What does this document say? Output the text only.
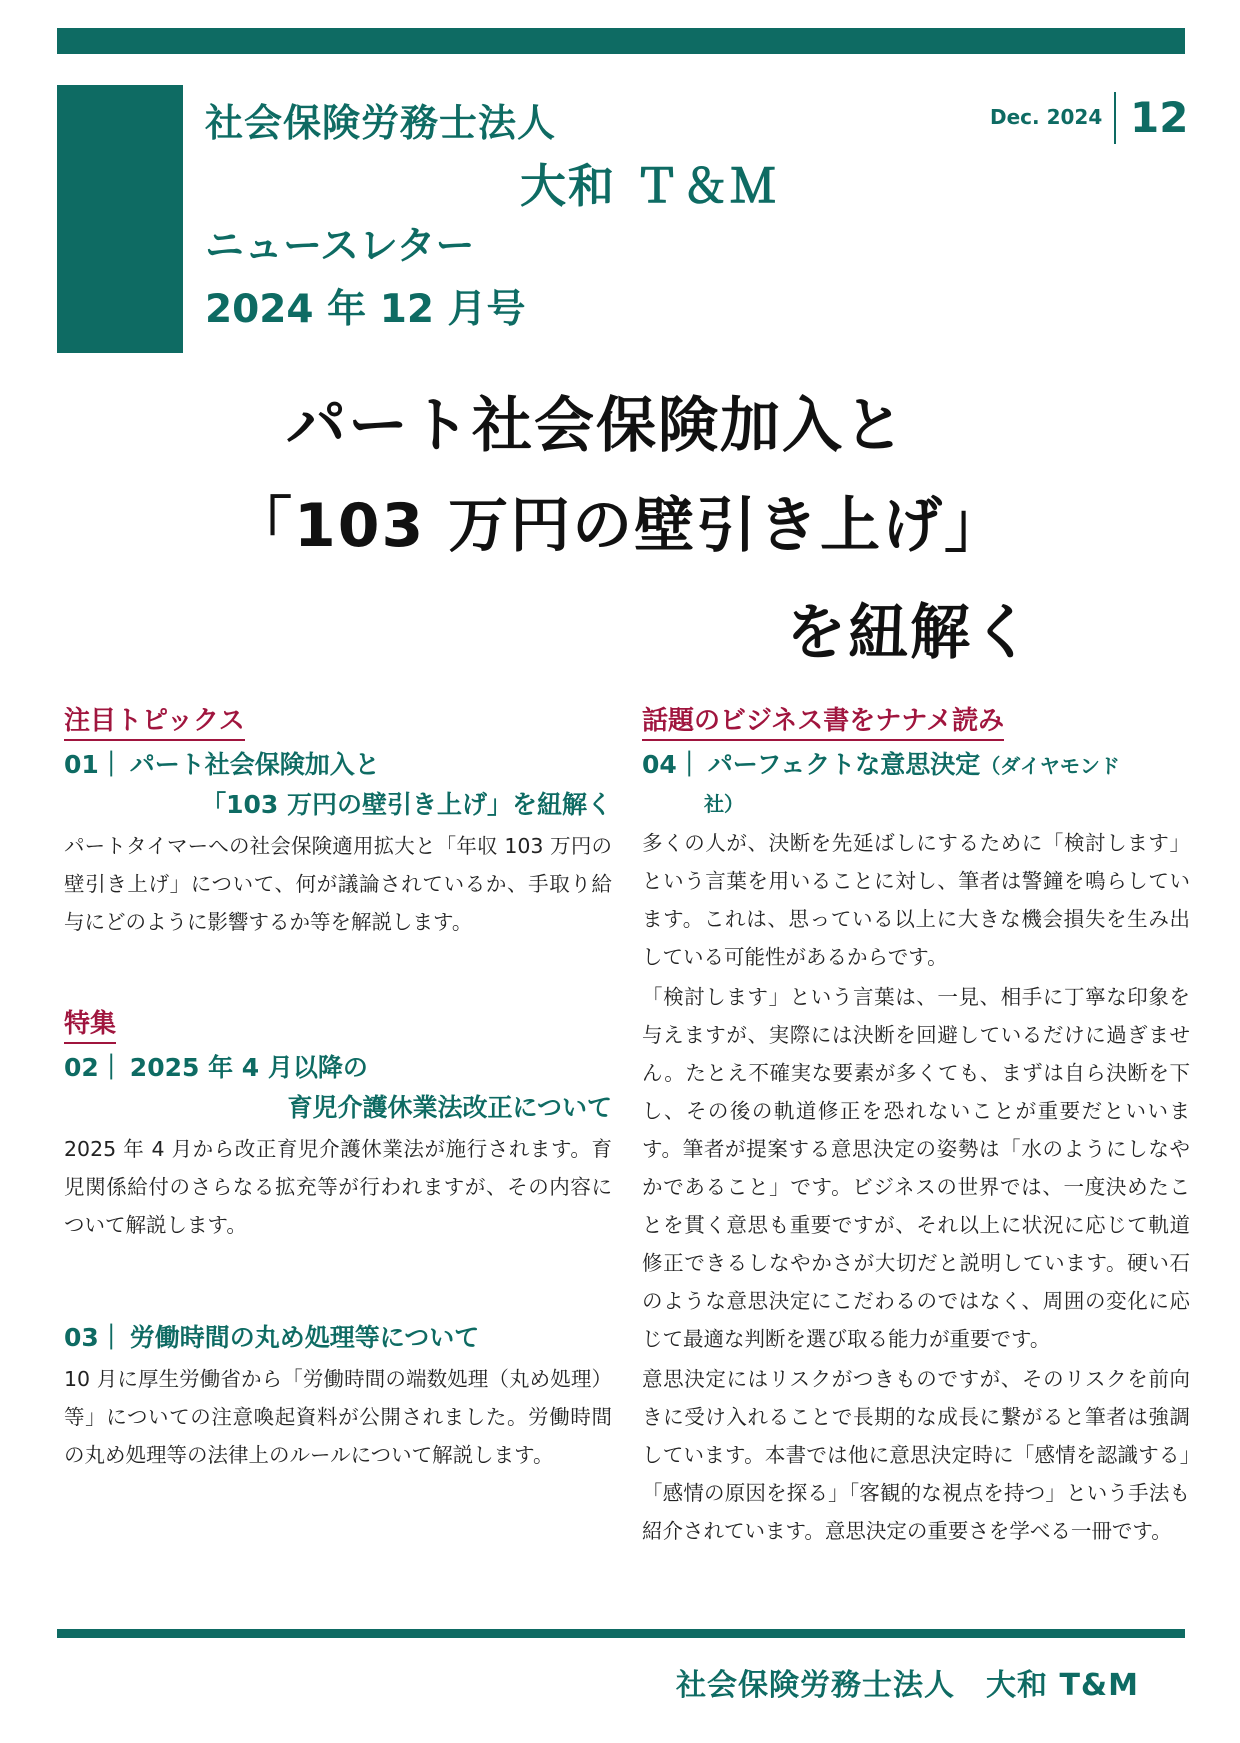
社会保険労務士法人
大和 Ｔ＆Ｍ
ニュースレター
2024 年 12 月号
Dec. 2024 12
パート社会保険加入と
「103 万円の壁引き上げ」
を紐解く
注目トピックス
01｜ パート社会保険加入と
「103 万円の壁引き上げ」を紐解く

パートタイマーへの社会保険適用拡大と「年収 103 万円の壁引き上げ」について、何が議論されているか、手取り給与にどのように影響するか等を解説します。

特集
02｜ 2025 年 4 月以降の
育児介護休業法改正について

2025 年 4 月から改正育児介護休業法が施行されます。育児関係給付のさらなる拡充等が行われますが、その内容について解説します。

03｜ 労働時間の丸め処理等について

10 月に厚生労働省から「労働時間の端数処理（丸め処理）等」についての注意喚起資料が公開されました。労働時間の丸め処理等の法律上のルールについて解説します。

話題のビジネス書をナナメ読み
04｜ パーフェクトな意思決定（ダイヤモンド
社）

多くの人が、決断を先延ばしにするために「検討します」という言葉を用いることに対し、筆者は警鐘を鳴らしています。これは、思っている以上に大きな機会損失を生み出している可能性があるからです。

「検討します」という言葉は、一見、相手に丁寧な印象を与えますが、実際には決断を回避しているだけに過ぎません。たとえ不確実な要素が多くても、まずは自ら決断を下し、その後の軌道修正を恐れないことが重要だといいます。筆者が提案する意思決定の姿勢は「水のようにしなやかであること」です。ビジネスの世界では、一度決めたことを貫く意思も重要ですが、それ以上に状況に応じて軌道修正できるしなやかさが大切だと説明しています。硬い石のような意思決定にこだわるのではなく、周囲の変化に応じて最適な判断を選び取る能力が重要です。

意思決定にはリスクがつきものですが、そのリスクを前向きに受け入れることで長期的な成長に繋がると筆者は強調しています。本書では他に意思決定時に「感情を認識する」「感情の原因を探る」「客観的な視点を持つ」という手法も紹介されています。意思決定の重要さを学べる一冊です。

社会保険労務士法人　大和 T&M
